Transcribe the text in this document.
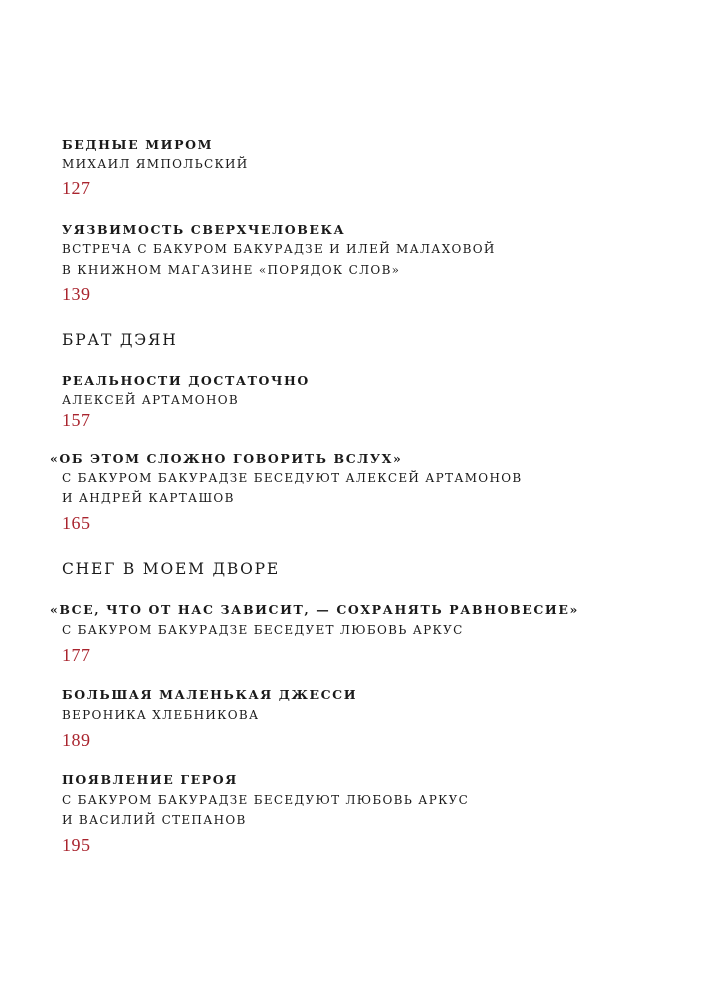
БЕДНЫЕ МИРОМ
МИХАИЛ ЯМПОЛЬСКИЙ
127
УЯЗВИМОСТЬ СВЕРХЧЕЛОВЕКА
ВСТРЕЧА С БАКУРОМ БАКУРАДЗЕ И ИЛЕЙ МАЛАХОВОЙ
В КНИЖНОМ МАГАЗИНЕ «ПОРЯДОК СЛОВ»
139
БРАТ ДЭЯН
РЕАЛЬНОСТИ ДОСТАТОЧНО
АЛЕКСЕЙ АРТАМОНОВ
157
«ОБ ЭТОМ СЛОЖНО ГОВОРИТЬ ВСЛУХ»
С БАКУРОМ БАКУРАДЗЕ БЕСЕДУЮТ АЛЕКСЕЙ АРТАМОНОВ
И АНДРЕЙ КАРТАШОВ
165
СНЕГ В МОЕМ ДВОРЕ
«ВСЕ, ЧТО ОТ НАС ЗАВИСИТ, — СОХРАНЯТЬ РАВНОВЕСИЕ»
С БАКУРОМ БАКУРАДЗЕ БЕСЕДУЕТ ЛЮБОВЬ АРКУС
177
БОЛЬШАЯ МАЛЕНЬКАЯ ДЖЕССИ
ВЕРОНИКА ХЛЕБНИКОВА
189
ПОЯВЛЕНИЕ ГЕРОЯ
С БАКУРОМ БАКУРАДЗЕ БЕСЕДУЮТ ЛЮБОВЬ АРКУС
И ВАСИЛИЙ СТЕПАНОВ
195
